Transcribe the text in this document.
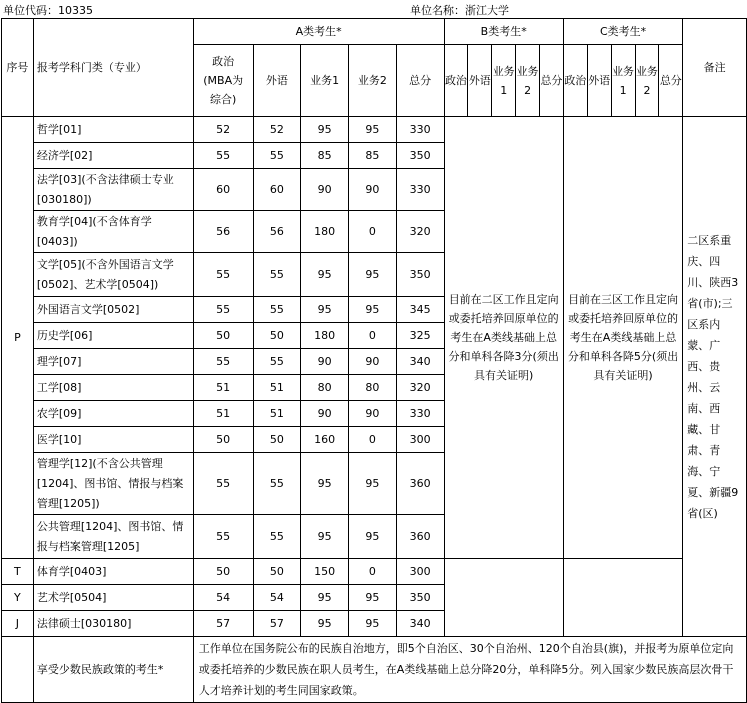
单位代码：10335	单位名称：浙江大学
序号	报考学科门类（专业）	A类考生*					B类考生*					C类考生*					备注
		政治(MBA为综合)	外语	业务1	业务2	总分	政治	外语	业务1	业务2	总分	政治	外语	业务1	业务2	总分	
P	哲学[01]	52	52	95	95	330	目前在二区工作且定向或委托培养回原单位的考生在A类线基础上总分和单科各降3分(须出具有关证明)					目前在三区工作且定向或委托培养回原单位的考生在A类线基础上总分和单科各降5分(须出具有关证明)					二区系重庆、四川、陕西3省(市);三区系内蒙、广西、贵州、云南、西藏、甘肃、青海、宁夏、新疆9省(区)
	经济学[02]	55	55	85	85	350											
	法学[03](不含法律硕士专业[030180])	60	60	90	90	330											
	教育学[04](不含体育学[0403])	56	56	180	0	320											
	文学[05](不含外国语言文学[0502]、艺术学[0504])	55	55	95	95	350											
	外国语言文学[0502]	55	55	95	95	345											
	历史学[06]	50	50	180	0	325											
	理学[07]	55	55	90	90	340											
	工学[08]	51	51	80	80	320											
	农学[09]	51	51	90	90	330											
	医学[10]	50	50	160	0	300											
	管理学[12](不含公共管理[1204]、图书馆、情报与档案管理[1205])	55	55	95	95	360											
	公共管理[1204]、图书馆、情报与档案管理[1205]	55	55	95	95	360											
T	体育学[0403]	50	50	150	0	300											
Y	艺术学[0504]	54	54	95	95	350											
J	法律硕士[030180]	57	57	95	95	340											
	享受少数民族政策的考生*	工作单位在国务院公布的民族自治地方，即5个自治区、30个自治州、120个自治县(旗)，并报考为原单位定向或委托培养的少数民族在职人员考生，在A类线基础上总分降20分，单科降5分。列入国家少数民族高层次骨干人才培养计划的考生同国家政策。															
